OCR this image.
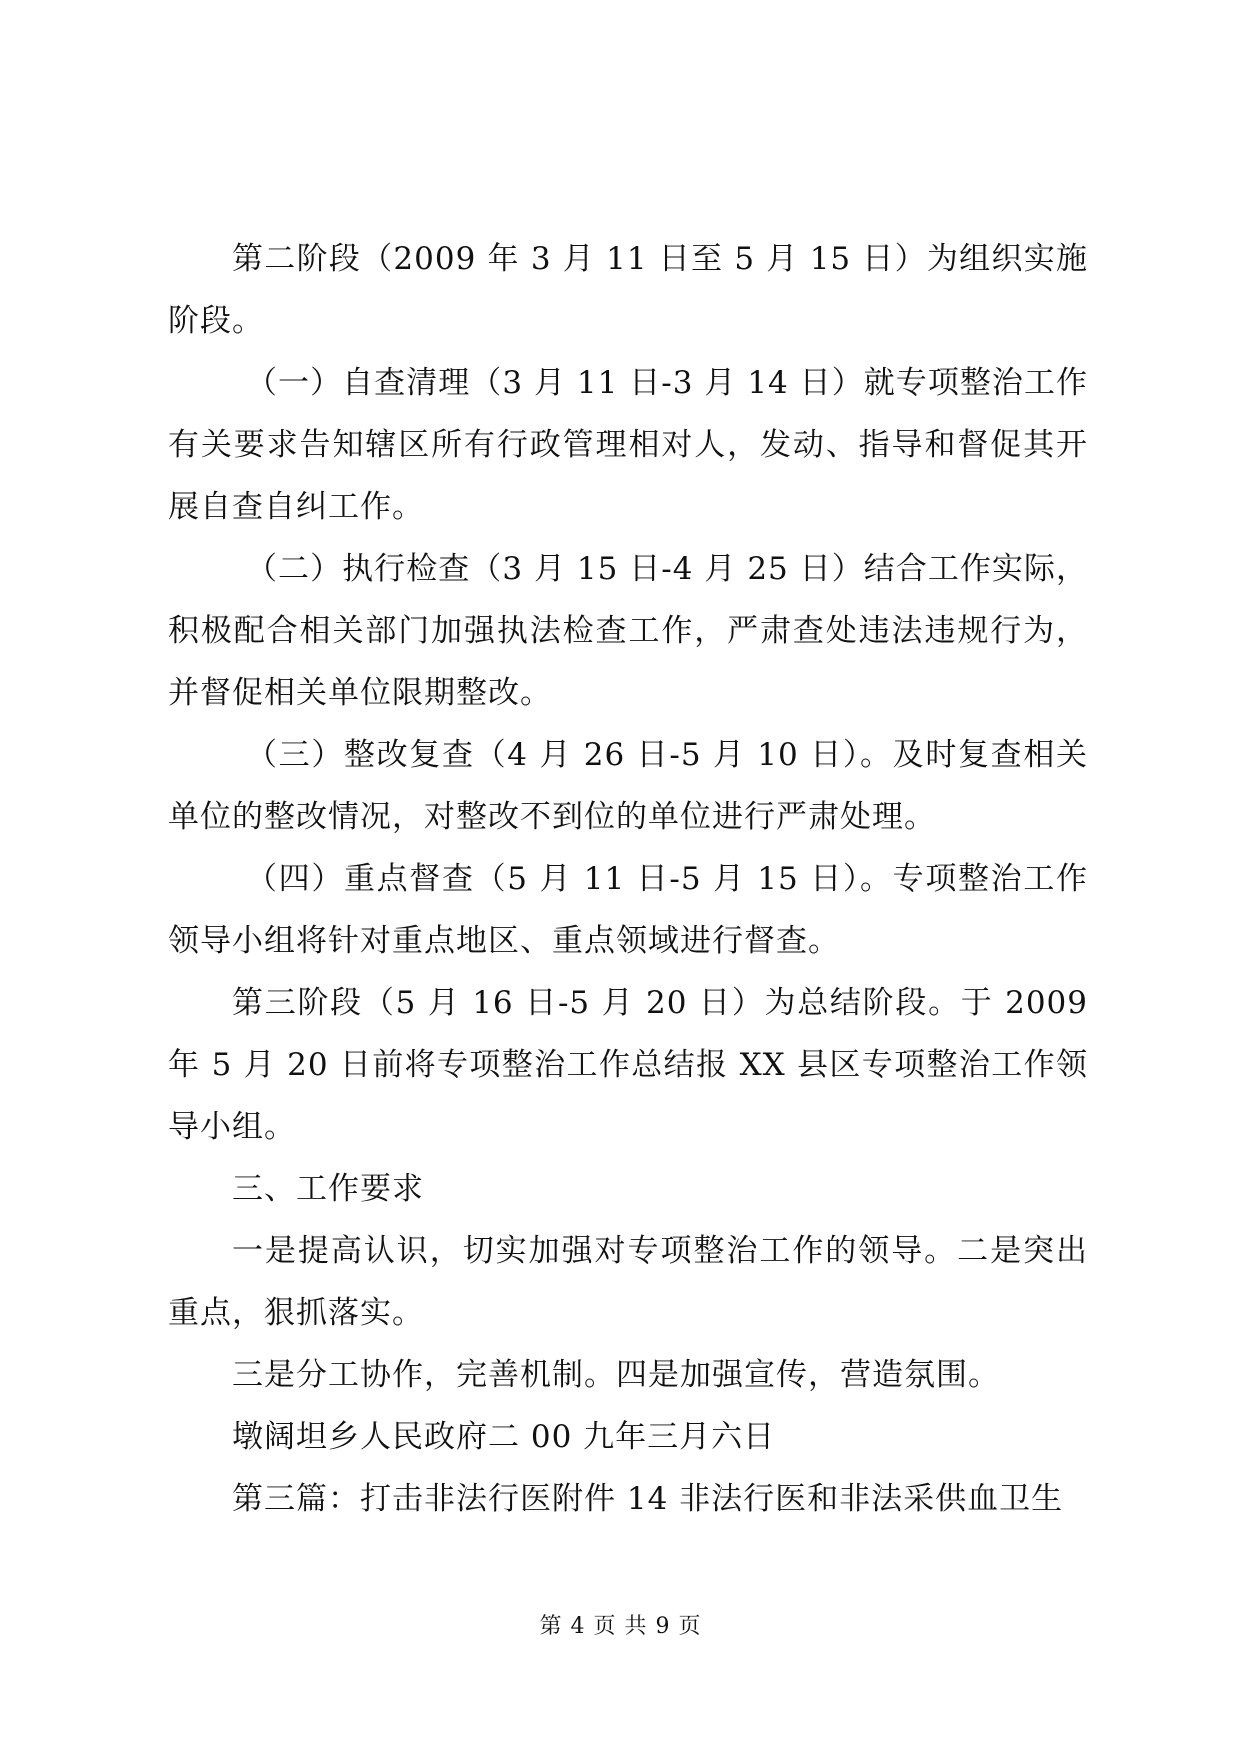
第二阶段（2009 年 3 月 11 日至 5 月 15 日）为组织实施阶段。

（一）自查清理（3 月 11 日-3 月 14 日）就专项整治工作有关要求告知辖区所有行政管理相对人，发动、指导和督促其开展自查自纠工作。

（二）执行检查（3 月 15 日-4 月 25 日）结合工作实际，积极配合相关部门加强执法检查工作，严肃查处违法违规行为，并督促相关单位限期整改。

（三）整改复查（4 月 26 日-5 月 10 日）。及时复查相关单位的整改情况，对整改不到位的单位进行严肃处理。

（四）重点督查（5 月 11 日-5 月 15 日）。专项整治工作领导小组将针对重点地区、重点领域进行督查。

第三阶段（5 月 16 日-5 月 20 日）为总结阶段。于 2009 年 5 月 20 日前将专项整治工作总结报 XX 县区专项整治工作领导小组。

三、工作要求

一是提高认识，切实加强对专项整治工作的领导。二是突出重点，狠抓落实。

三是分工协作，完善机制。四是加强宣传，营造氛围。

墩阔坦乡人民政府二 00 九年三月六日

第三篇：打击非法行医附件 14 非法行医和非法采供血卫生

第 4 页 共 9 页
